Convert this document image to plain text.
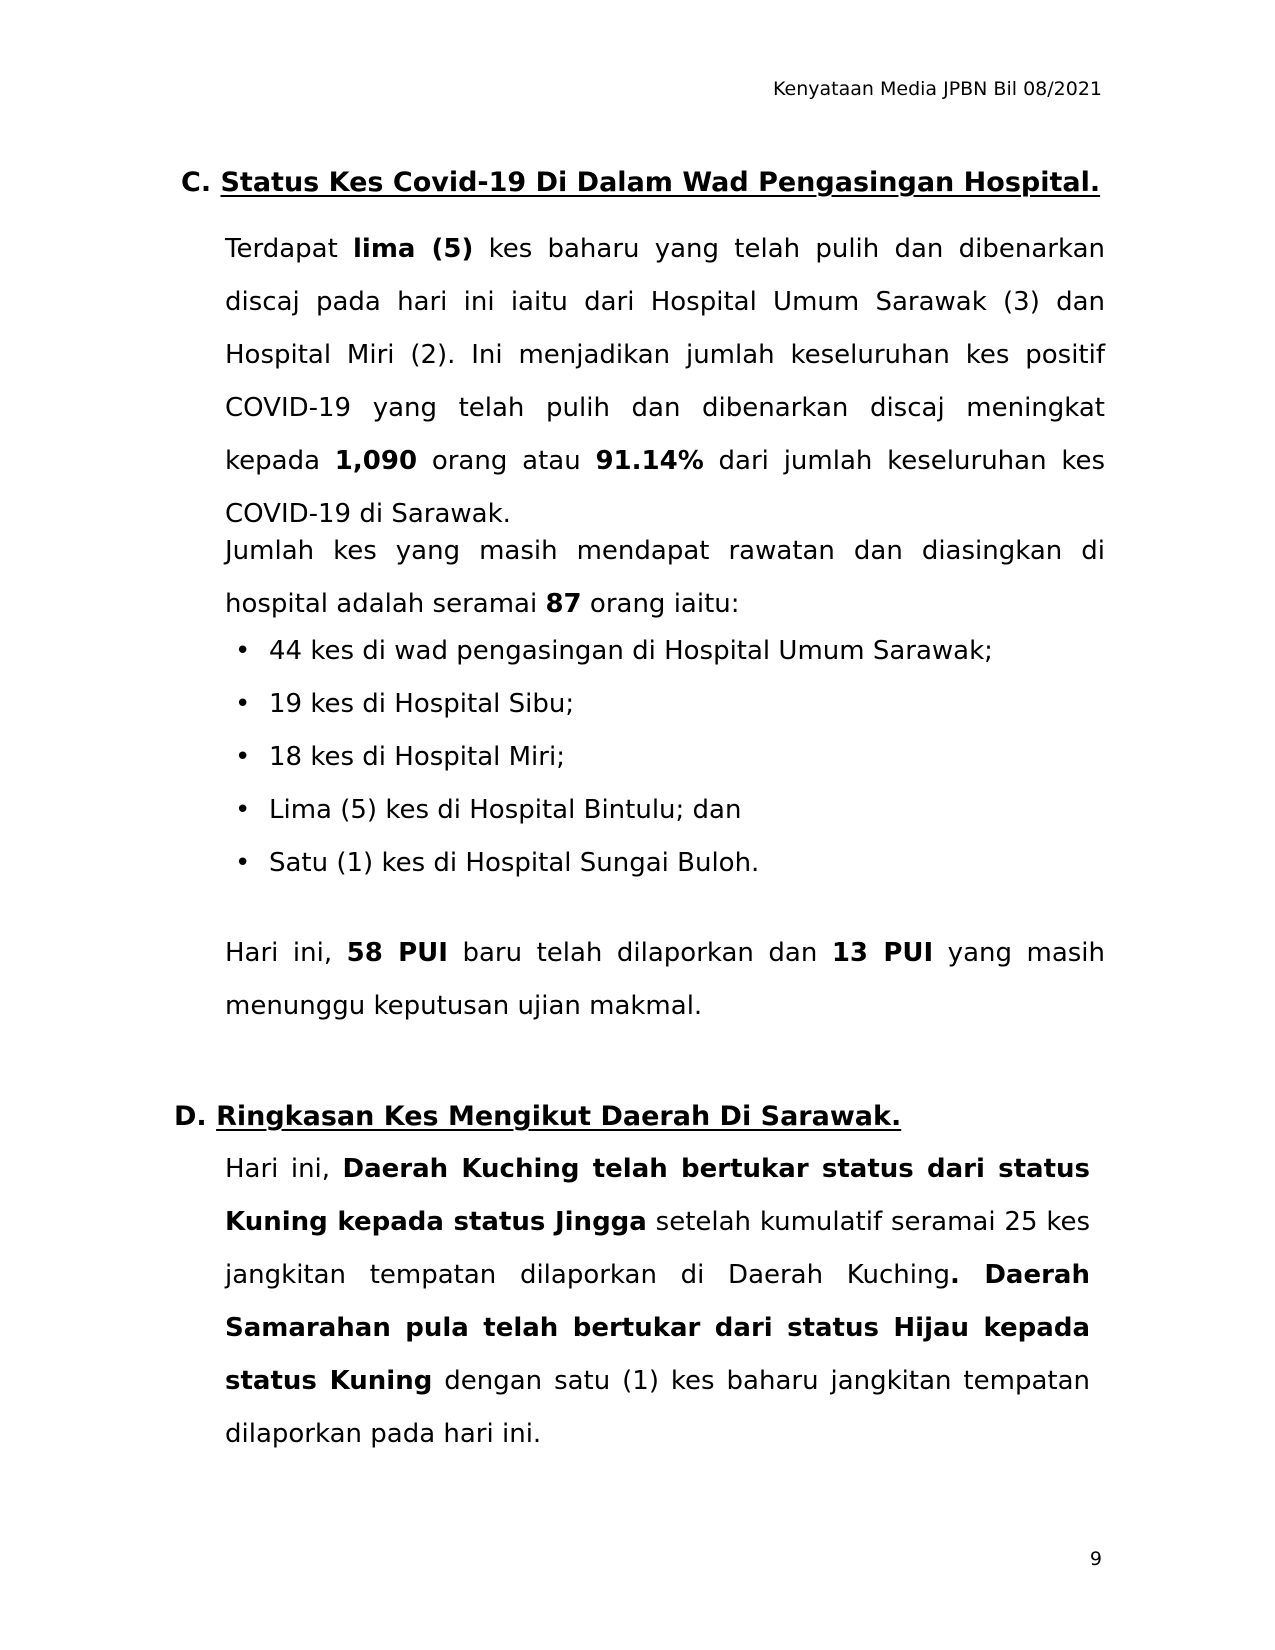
Kenyataan Media JPBN Bil 08/2021
C. Status Kes Covid-19 Di Dalam Wad Pengasingan Hospital.

Terdapat lima (5) kes baharu yang telah pulih dan dibenarkan discaj pada hari ini iaitu dari Hospital Umum Sarawak (3) dan Hospital Miri (2). Ini menjadikan jumlah keseluruhan kes positif COVID-19 yang telah pulih dan dibenarkan discaj meningkat kepada 1,090 orang atau 91.14% dari jumlah keseluruhan kes COVID-19 di Sarawak.

Jumlah kes yang masih mendapat rawatan dan diasingkan di hospital adalah seramai 87 orang iaitu:

• 44 kes di wad pengasingan di Hospital Umum Sarawak;
• 19 kes di Hospital Sibu;
• 18 kes di Hospital Miri;
• Lima (5) kes di Hospital Bintulu; dan
• Satu (1) kes di Hospital Sungai Buloh.

Hari ini, 58 PUI baru telah dilaporkan dan 13 PUI yang masih menunggu keputusan ujian makmal.

D. Ringkasan Kes Mengikut Daerah Di Sarawak.

Hari ini, Daerah Kuching telah bertukar status dari status Kuning kepada status Jingga setelah kumulatif seramai 25 kes jangkitan tempatan dilaporkan di Daerah Kuching. Daerah Samarahan pula telah bertukar dari status Hijau kepada status Kuning dengan satu (1) kes baharu jangkitan tempatan dilaporkan pada hari ini.

9
